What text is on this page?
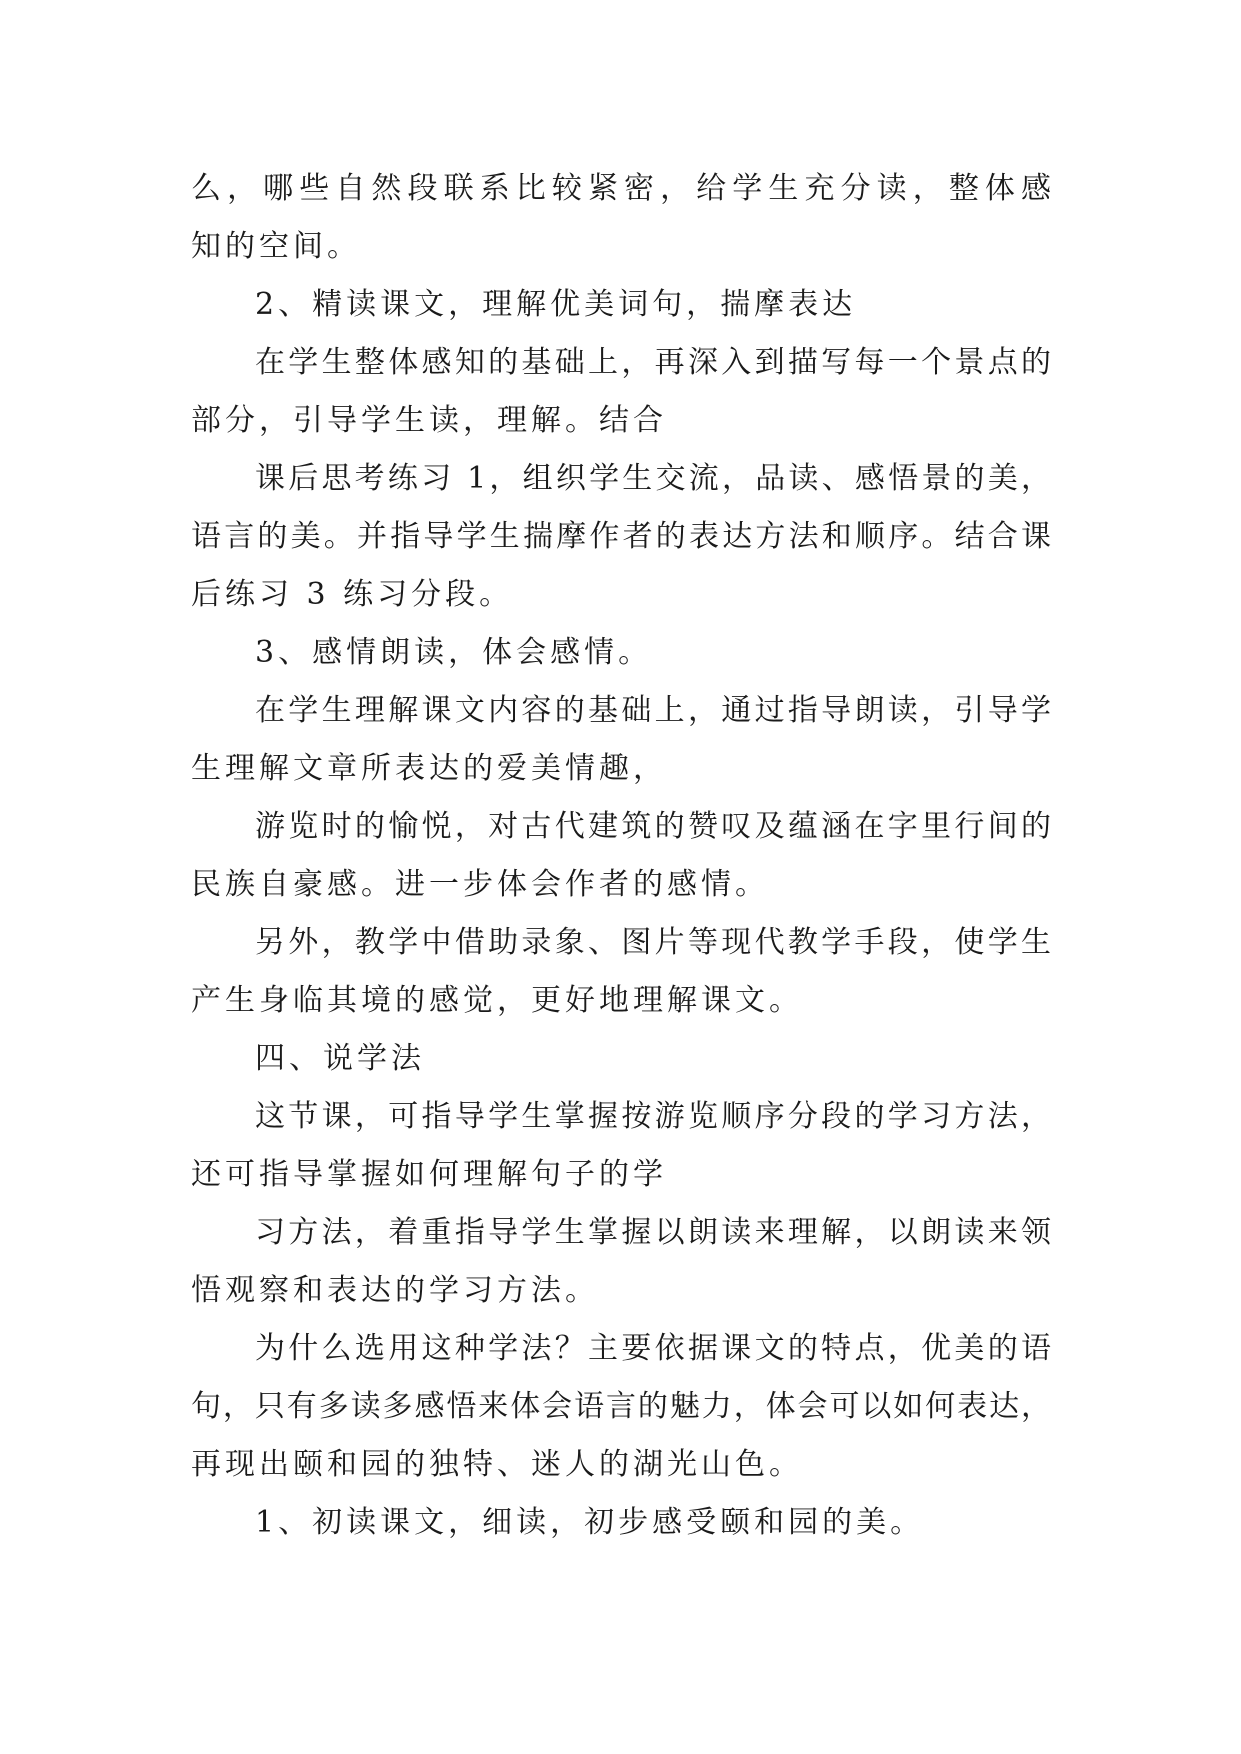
么，哪些自然段联系比较紧密，给学生充分读，整体感
知的空间。
2、精读课文，理解优美词句，揣摩表达
在学生整体感知的基础上，再深入到描写每一个景点的
部分，引导学生读，理解。结合
课后思考练习 1，组织学生交流，品读、感悟景的美，
语言的美。并指导学生揣摩作者的表达方法和顺序。结合课
后练习 3 练习分段。
3、感情朗读，体会感情。
在学生理解课文内容的基础上，通过指导朗读，引导学
生理解文章所表达的爱美情趣，
游览时的愉悦，对古代建筑的赞叹及蕴涵在字里行间的
民族自豪感。进一步体会作者的感情。
另外，教学中借助录象、图片等现代教学手段，使学生
产生身临其境的感觉，更好地理解课文。
四、说学法
这节课，可指导学生掌握按游览顺序分段的学习方法，
还可指导掌握如何理解句子的学
习方法，着重指导学生掌握以朗读来理解，以朗读来领
悟观察和表达的学习方法。
为什么选用这种学法？主要依据课文的特点，优美的语
句，只有多读多感悟来体会语言的魅力，体会可以如何表达，
再现出颐和园的独特、迷人的湖光山色。
1、初读课文，细读，初步感受颐和园的美。
